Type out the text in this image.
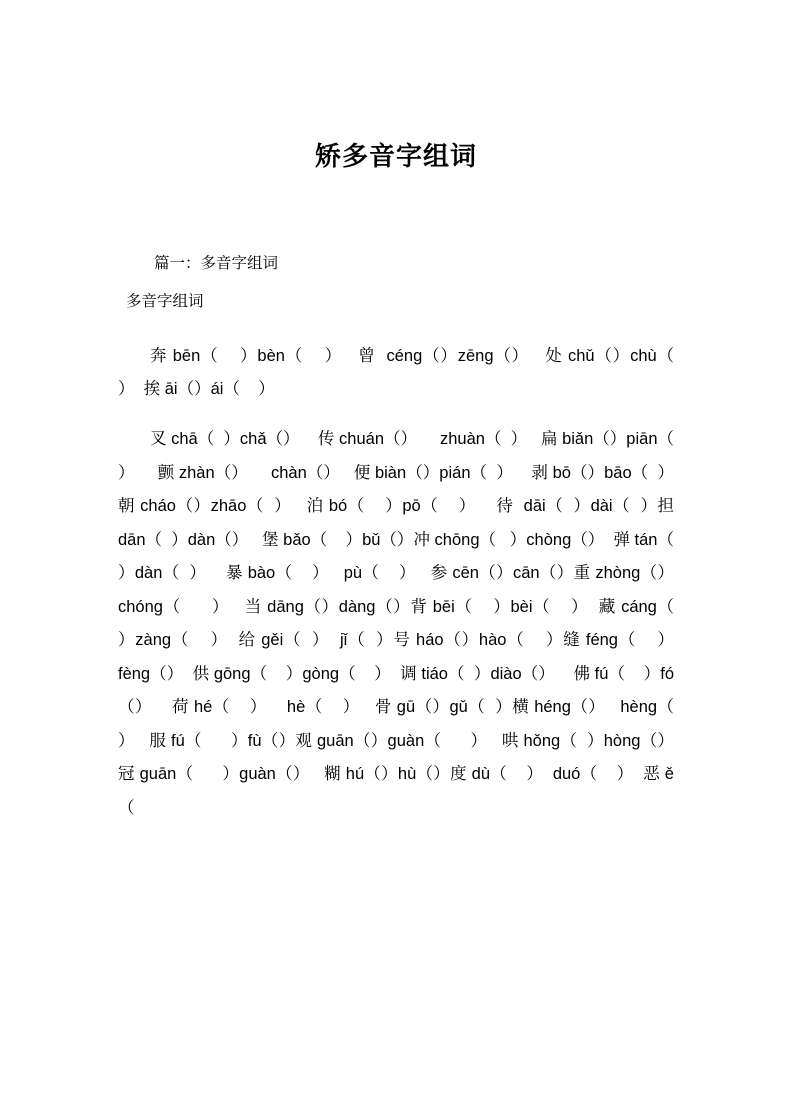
矫多音字组词
篇一：多音字组词
多音字组词

奔 bēn（    ）bèn（    ）   曾  céng（）zēng（）   处 chǔ（）chù（    ）  挨 āi（）ái（    ）

叉 chā（  ）chǎ（）    传 chuán（）     zhuàn（  ）   扁 biǎn（）piān（    ）     颤 zhàn（）     chàn（）   便 biàn（）pián（  ）    剥 bō（）bāo（  ）  朝 cháo（）zhāo（  ）   泊 bó（    ）pō（    ）    待  dāi（  ）dài（  ）担 dān（  ）dàn（）   堡 bǎo（    ）bǔ（）冲 chōng（   ）chòng（）  弹 tán（  ）dàn（  ）    暴 bào（    ）   pù（    ）   参 cēn（）cān（）重 zhòng（）chóng（      ）   当 dāng（）dàng（）背 bēi（    ）bèi（    ）  藏 cáng（    ）zàng（    ）  给 gěi（  ）  jǐ（  ）号 háo（）hào（    ）缝 féng（    ）   fèng（）  供 gōng（    ）gòng（    ）  调 tiáo（  ）diào（）    佛 fú（    ）fó（）    荷 hé（    ）    hè（    ）   骨 gū（）gǔ（  ）横 héng（）   hèng（      ）   服 fú（      ）fù（）观 guān（）guàn（      ）   哄 hǒng（  ）hòng（）    冠 guān（      ）guàn（）   糊 hú（）hù（）度 dù（    ）  duó（    ）  恶 ě（
